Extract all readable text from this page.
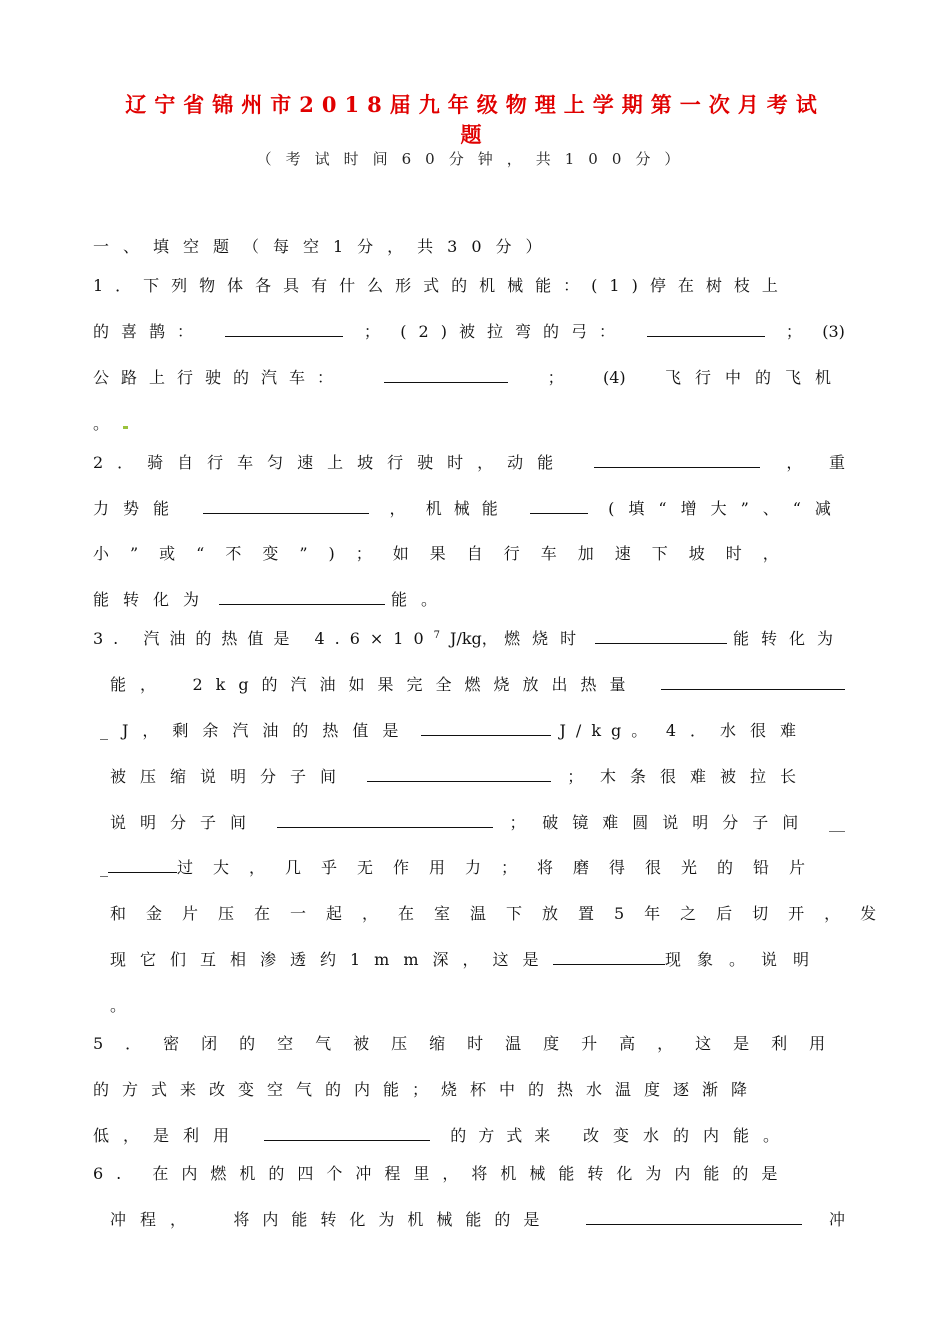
辽宁省锦州市2018届九年级物理上学期第一次月考试
题
（考试时间60分钟，共100分）
一、填空题（每空1分，共30分）
1．下列物体各具有什么形式的机械能：(1)停在树枝上
的喜鹊：	； (2)被拉弯的弓：	； (3)
公路上行驶的汽车：	； (4) 飞行中的飞机
。
2．骑自行车匀速上坡行驶时，动能	， 重
力势能	， 机械能	(填“增大”、“减
小”或“不变”)；如果自行车加速下坡时，
能转化为	能。
3. 汽油的热值是 4.6×107J/kg， 燃烧时	能转化为
能， 2kg的汽油如果完全燃烧放出热量
_J，剩余汽油的热值是	J/kg。 4．水很难
被压缩说明分子间	； 木条很难被拉长
说明分子间	； 破镜难圆说明分子间 __
_	过大，几乎无作用力；将磨得很光的铅片
和金片压在一起，在室温下放置5年之后切开，发
现它们互相渗透约1mm深，这是	现象。说明
。
5．密闭的空气被压缩时温度升高，这是利用
的方式来改变空气的内能；烧杯中的热水温度逐渐降
低，是利用	的方式来 改变水的内能。
6. 在内燃机的四个冲程里，将机械能转化为内能的是
冲程， 将内能转化为机械能的是	冲
